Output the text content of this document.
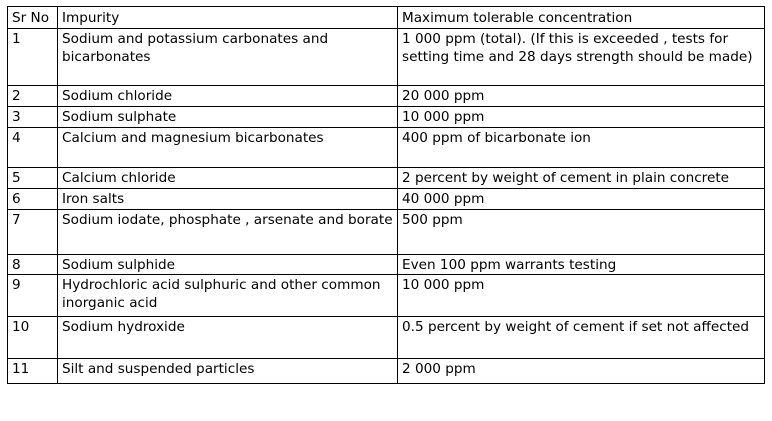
Sr No	Impurity	Maximum tolerable concentration
1	Sodium and potassium carbonates and bicarbonates	1 000 ppm (total). (If this is exceeded , tests for setting time and 28 days strength should be made)
2	Sodium chloride	20 000 ppm
3	Sodium sulphate	10 000 ppm
4	Calcium and magnesium bicarbonates	400 ppm of bicarbonate ion
5	Calcium chloride	2 percent by weight of cement in plain concrete
6	Iron salts	40 000 ppm
7	Sodium iodate, phosphate , arsenate and borate	500 ppm
8	Sodium sulphide	Even 100 ppm warrants testing
9	Hydrochloric acid sulphuric and other common inorganic acid	10 000 ppm
10	Sodium hydroxide	0.5 percent by weight of cement if set not affected
11	Silt and suspended particles	2 000 ppm
